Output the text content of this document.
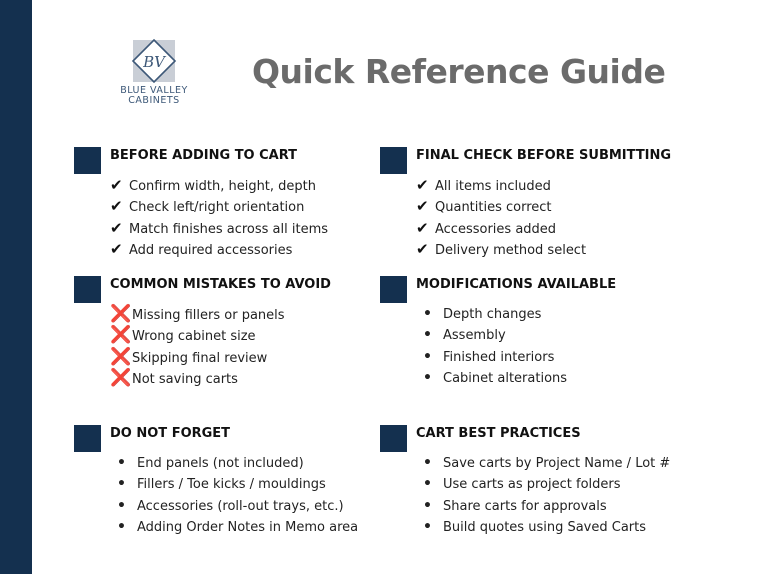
BV
BLUE VALLEY
CABINETS
Quick Reference Guide
BEFORE ADDING TO CART
✔ Confirm width, height, depth
✔ Check left/right orientation
✔ Match finishes across all items
✔ Add required accessories
FINAL CHECK BEFORE SUBMITTING
✔ All items included
✔ Quantities correct
✔ Accessories added
✔ Delivery method select
COMMON MISTAKES TO AVOID
❌Missing fillers or panels
❌Wrong cabinet size
❌Skipping final review
❌Not saving carts
MODIFICATIONS AVAILABLE
• Depth changes
• Assembly
• Finished interiors
• Cabinet alterations
DO NOT FORGET
• End panels (not included)
• Fillers / Toe kicks / mouldings
• Accessories (roll-out trays, etc.)
• Adding Order Notes in Memo area
CART BEST PRACTICES
• Save carts by Project Name / Lot #
• Use carts as project folders
• Share carts for approvals
• Build quotes using Saved Carts
